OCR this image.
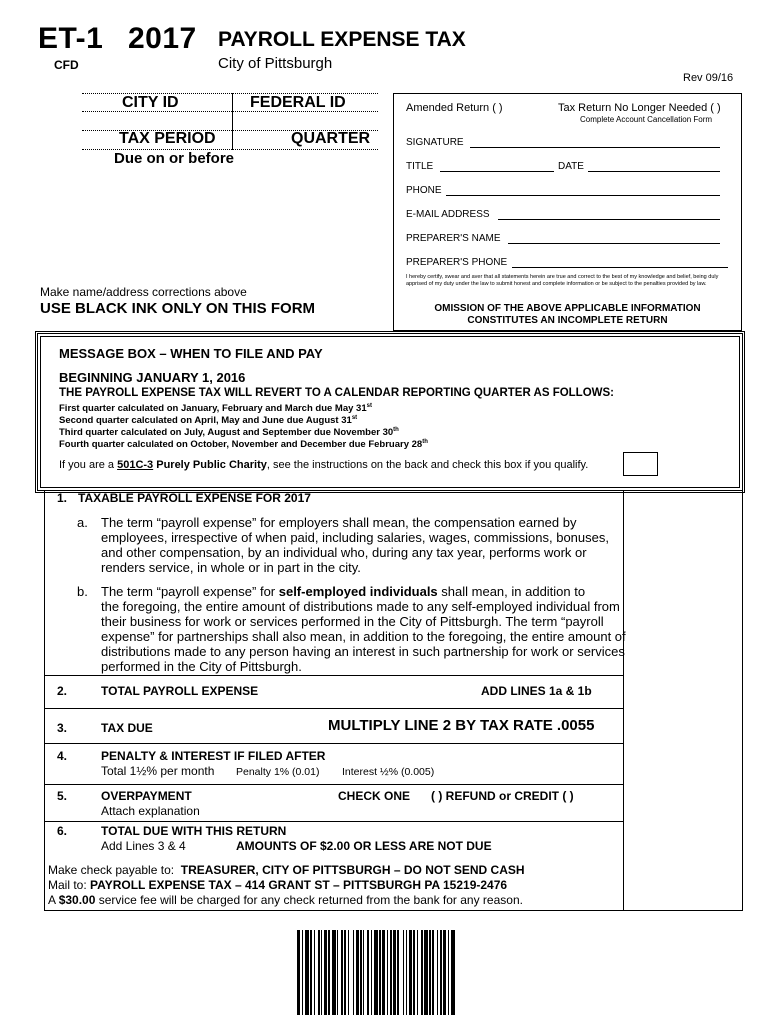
ET-1 2017 PAYROLL EXPENSE TAX
CFD	City of Pittsburgh
Rev 09/16
CITY ID	FEDERAL ID
TAX PERIOD	QUARTER
Due on or before
Amended Return ( )	Tax Return No Longer Needed ( )
Complete Account Cancellation Form
SIGNATURE
TITLE	DATE
PHONE
E-MAIL ADDRESS
PREPARER'S NAME
PREPARER'S PHONE
I hereby certify, swear and aver that all statements herein are true and correct to the best of my knowledge and belief, being duly apprised of my duty under the law to submit honest and complete information or be subject to the penalties provided by law.
OMISSION OF THE ABOVE APPLICABLE INFORMATION
CONSTITUTES AN INCOMPLETE RETURN
Make name/address corrections above
USE BLACK INK ONLY ON THIS FORM
MESSAGE BOX – WHEN TO FILE AND PAY
BEGINNING JANUARY 1, 2016
THE PAYROLL EXPENSE TAX WILL REVERT TO A CALENDAR REPORTING QUARTER AS FOLLOWS:
First quarter calculated on January, February and March due May 31st
Second quarter calculated on April, May and June due August 31st
Third quarter calculated on July, August and September due November 30th
Fourth quarter calculated on October, November and December due February 28th
If you are a 501C-3 Purely Public Charity, see the instructions on the back and check this box if you qualify.
1. TAXABLE PAYROLL EXPENSE FOR 2017
a. The term “payroll expense” for employers shall mean, the compensation earned by
employees, irrespective of when paid, including salaries, wages, commissions, bonuses,
and other compensation, by an individual who, during any tax year, performs work or
renders service, in whole or in part in the city.
b. The term “payroll expense” for self-employed individuals shall mean, in addition to
the foregoing, the entire amount of distributions made to any self-employed individual from
their business for work or services performed in the City of Pittsburgh. The term “payroll
expense” for partnerships shall also mean, in addition to the foregoing, the entire amount of
distributions made to any person having an interest in such partnership for work or services
performed in the City of Pittsburgh.
2.	TOTAL PAYROLL EXPENSE	ADD LINES 1a & 1b
3.	TAX DUE	MULTIPLY LINE 2 BY TAX RATE .0055
4.	PENALTY & INTEREST IF FILED AFTER
Total 1½% per month Penalty 1% (0.01) Interest ½% (0.005)
5.	OVERPAYMENT	CHECK ONE ( ) REFUND or CREDIT ( )
Attach explanation
6.	TOTAL DUE WITH THIS RETURN
Add Lines 3 & 4	AMOUNTS OF $2.00 OR LESS ARE NOT DUE
Make check payable to: TREASURER, CITY OF PITTSBURGH – DO NOT SEND CASH
Mail to: PAYROLL EXPENSE TAX – 414 GRANT ST – PITTSBURGH PA 15219-2476
A $30.00 service fee will be charged for any check returned from the bank for any reason.
